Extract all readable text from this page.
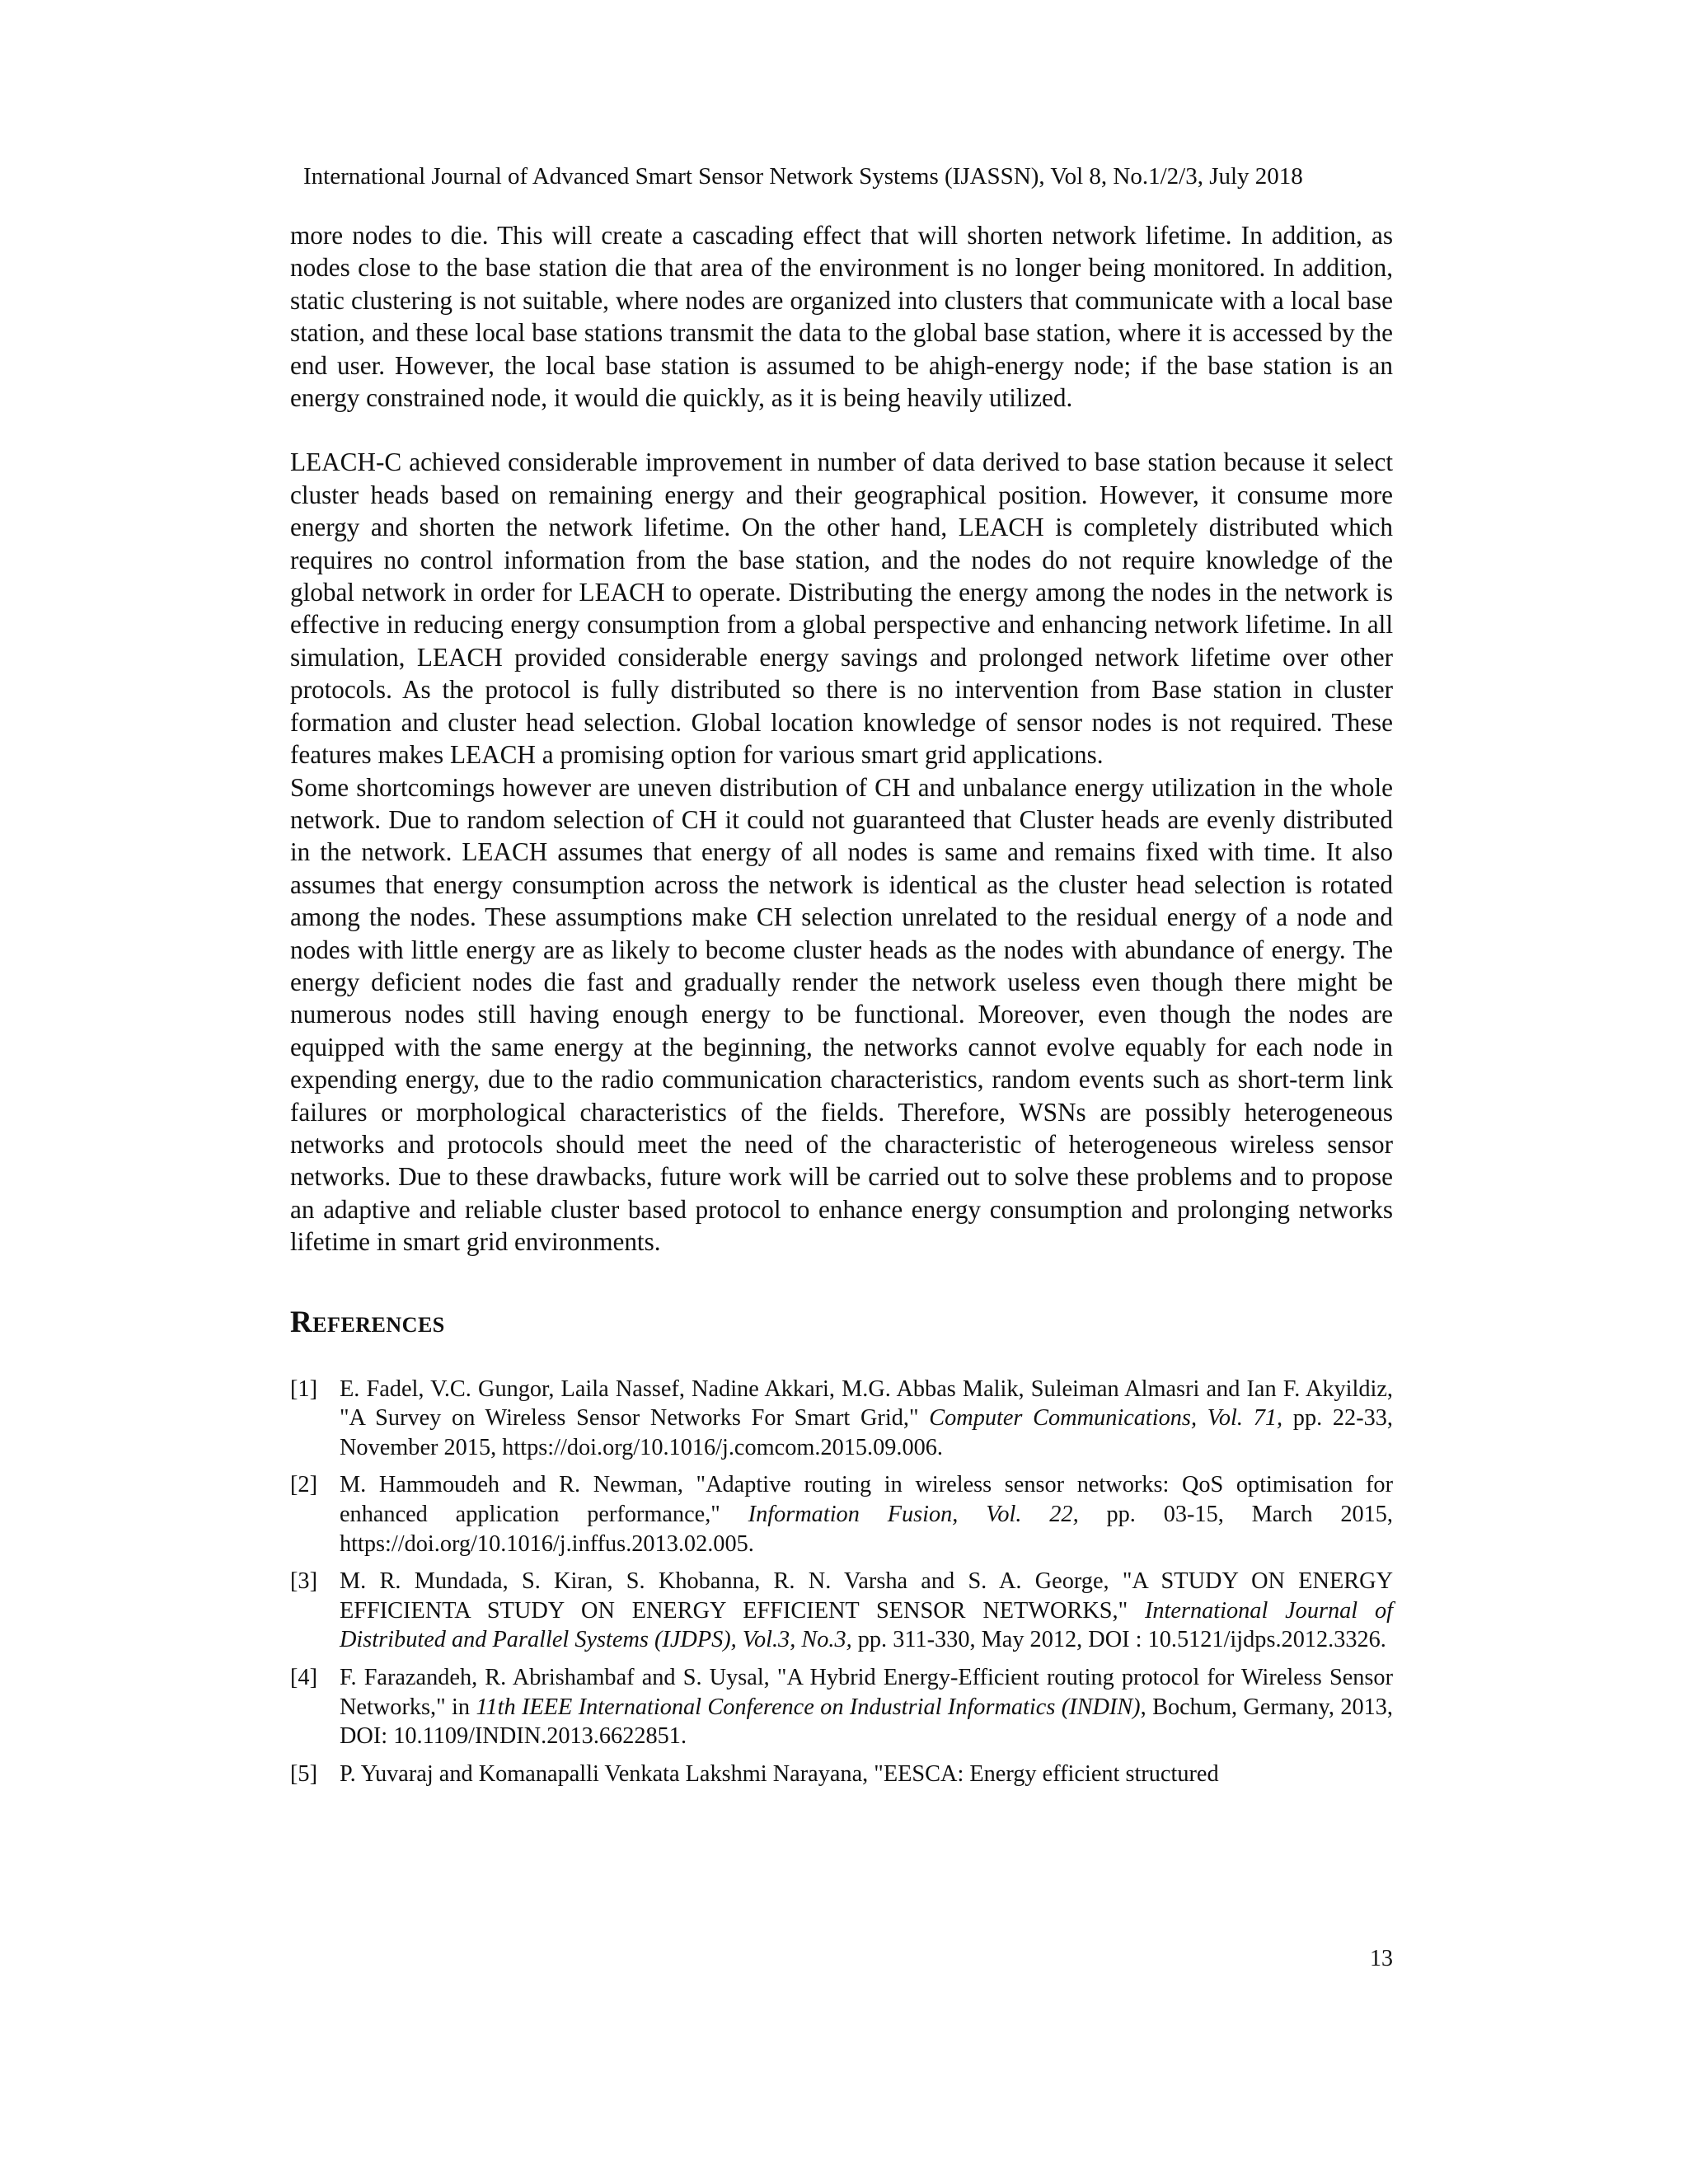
International Journal of Advanced Smart Sensor Network Systems (IJASSN), Vol 8, No.1/2/3, July 2018

more nodes to die. This will create a cascading effect that will shorten network lifetime. In addition, as nodes close to the base station die that area of the environment is no longer being monitored. In addition, static clustering is not suitable, where nodes are organized into clusters that communicate with a local base station, and these local base stations transmit the data to the global base station, where it is accessed by the end user. However, the local base station is assumed to be ahigh-energy node; if the base station is an energy constrained node, it would die quickly, as it is being heavily utilized.

LEACH-C achieved considerable improvement in number of data derived to base station because it select cluster heads based on remaining energy and their geographical position. However, it consume more energy and shorten the network lifetime. On the other hand, LEACH is completely distributed which requires no control information from the base station, and the nodes do not require knowledge of the global network in order for LEACH to operate. Distributing the energy among the nodes in the network is effective in reducing energy consumption from a global perspective and enhancing network lifetime. In all simulation, LEACH provided considerable energy savings and prolonged network lifetime over other protocols. As the protocol is fully distributed so there is no intervention from Base station in cluster formation and cluster head selection. Global location knowledge of sensor nodes is not required. These features makes LEACH a promising option for various smart grid applications.

Some shortcomings however are uneven distribution of CH and unbalance energy utilization in the whole network. Due to random selection of CH it could not guaranteed that Cluster heads are evenly distributed in the network. LEACH assumes that energy of all nodes is same and remains fixed with time. It also assumes that energy consumption across the network is identical as the cluster head selection is rotated among the nodes. These assumptions make CH selection unrelated to the residual energy of a node and nodes with little energy are as likely to become cluster heads as the nodes with abundance of energy. The energy deficient nodes die fast and gradually render the network useless even though there might be numerous nodes still having enough energy to be functional. Moreover, even though the nodes are equipped with the same energy at the beginning, the networks cannot evolve equably for each node in expending energy, due to the radio communication characteristics, random events such as short-term link failures or morphological characteristics of the fields. Therefore, WSNs are possibly heterogeneous networks and protocols should meet the need of the characteristic of heterogeneous wireless sensor networks. Due to these drawbacks, future work will be carried out to solve these problems and to propose an adaptive and reliable cluster based protocol to enhance energy consumption and prolonging networks lifetime in smart grid environments.

References
[1] E. Fadel, V.C. Gungor, Laila Nassef, Nadine Akkari, M.G. Abbas Malik, Suleiman Almasri and Ian F. Akyildiz, "A Survey on Wireless Sensor Networks For Smart Grid," Computer Communications, Vol. 71, pp. 22-33, November 2015, https://doi.org/10.1016/j.comcom.2015.09.006.
[2] M. Hammoudeh and R. Newman, "Adaptive routing in wireless sensor networks: QoS optimisation for enhanced application performance," Information Fusion, Vol. 22, pp. 03-15, March 2015, https://doi.org/10.1016/j.inffus.2013.02.005.
[3] M. R. Mundada, S. Kiran, S. Khobanna, R. N. Varsha and S. A. George, "A STUDY ON ENERGY EFFICIENTA STUDY ON ENERGY EFFICIENT SENSOR NETWORKS," International Journal of Distributed and Parallel Systems (IJDPS), Vol.3, No.3, pp. 311-330, May 2012, DOI : 10.5121/ijdps.2012.3326.
[4] F. Farazandeh, R. Abrishambaf and S. Uysal, "A Hybrid Energy-Efficient routing protocol for Wireless Sensor Networks," in 11th IEEE International Conference on Industrial Informatics (INDIN), Bochum, Germany, 2013, DOI: 10.1109/INDIN.2013.6622851.
[5] P. Yuvaraj and Komanapalli Venkata Lakshmi Narayana, "EESCA: Energy efficient structured
13
